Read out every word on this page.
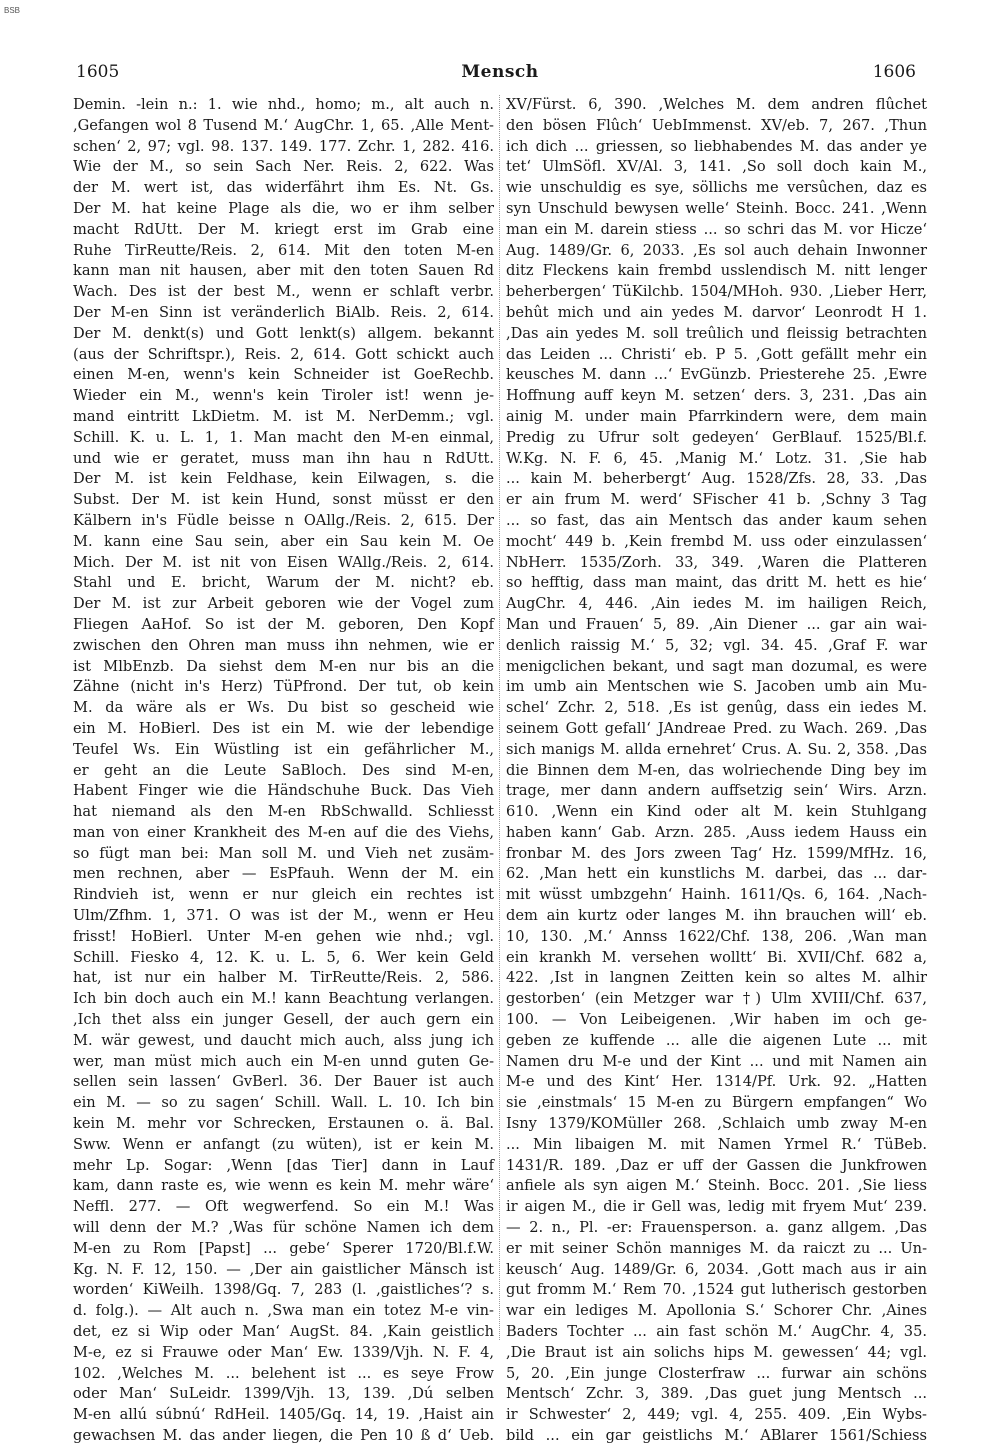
BSB
1605	Mensch	1606
Demin. -lein n.: 1. wie nhd., homo; m., alt auch n.
,Gefangen wol 8 Tusend M.‘ AugChr. 1, 65. ,Alle Ment-
schen‘ 2, 97; vgl. 98. 137. 149. 177. Zchr. 1, 282. 416.
Wie der M., so sein Sach Ner. Reis. 2, 622. Was
der M. wert ist, das widerfährt ihm Es. Nt. Gs.
Der M. hat keine Plage als die, wo er ihm selber
macht RdUtt. Der M. kriegt erst im Grab eine
Ruhe TirReutte/Reis. 2, 614. Mit den toten M-en
kann man nit hausen, aber mit den toten Sauen Rd
Wach. Des ist der best M., wenn er schlaft verbr.
Der M-en Sinn ist veränderlich BiAlb. Reis. 2, 614.
Der M. denkt(s) und Gott lenkt(s) allgem. bekannt
(aus der Schriftspr.), Reis. 2, 614. Gott schickt auch
einen M-en, wenn's kein Schneider ist GoeRechb.
Wieder ein M., wenn's kein Tiroler ist! wenn je-
mand eintritt LkDietm. M. ist M. NerDemm.; vgl.
Schill. K. u. L. 1, 1. Man macht den M-en einmal,
und wie er geratet, muss man ihn hau n RdUtt.
Der M. ist kein Feldhase, kein Eilwagen, s. die
Subst. Der M. ist kein Hund, sonst müsst er den
Kälbern in's Füdle beisse n OAllg./Reis. 2, 615. Der
M. kann eine Sau sein, aber ein Sau kein M. Oe
Mich. Der M. ist nit von Eisen WAllg./Reis. 2, 614.
Stahl und E. bricht, Warum der M. nicht? eb.
Der M. ist zur Arbeit geboren wie der Vogel zum
Fliegen AaHof. So ist der M. geboren, Den Kopf
zwischen den Ohren man muss ihn nehmen, wie er
ist MlbEnzb. Da siehst dem M-en nur bis an die
Zähne (nicht in's Herz) TüPfrond. Der tut, ob kein
M. da wäre als er Ws. Du bist so gescheid wie
ein M. HoBierl. Des ist ein M. wie der lebendige
Teufel Ws. Ein Wüstling ist ein gefährlicher M.,
er geht an die Leute SaBloch. Des sind M-en,
Habent Finger wie die Händschuhe Buck. Das Vieh
hat niemand als den M-en RbSchwalld. Schliesst
man von einer Krankheit des M-en auf die des Viehs,
so fügt man bei: Man soll M. und Vieh net zusäm-
men rechnen, aber — EsPfauh. Wenn der M. ein
Rindvieh ist, wenn er nur gleich ein rechtes ist
Ulm/Zfhm. 1, 371. O was ist der M., wenn er Heu
frisst! HoBierl. Unter M-en gehen wie nhd.; vgl.
Schill. Fiesko 4, 12. K. u. L. 5, 6. Wer kein Geld
hat, ist nur ein halber M. TirReutte/Reis. 2, 586.
Ich bin doch auch ein M.! kann Beachtung verlangen.
,Ich thet alss ein junger Gesell, der auch gern ein
M. wär gewest, und daucht mich auch, alss jung ich
wer, man müst mich auch ein M-en unnd guten Ge-
sellen sein lassen‘ GvBerl. 36. Der Bauer ist auch
ein M. — so zu sagen‘ Schill. Wall. L. 10. Ich bin
kein M. mehr vor Schrecken, Erstaunen o. ä. Bal.
Sww. Wenn er anfangt (zu wüten), ist er kein M.
mehr Lp. Sogar: ,Wenn [das Tier] dann in Lauf
kam, dann raste es, wie wenn es kein M. mehr wäre‘
Neffl. 277. — Oft wegwerfend. So ein M.! Was
will denn der M.? ,Was für schöne Namen ich dem
M-en zu Rom [Papst] ... gebe‘ Sperer 1720/Bl.f.W.
Kg. N. F. 12, 150. — ,Der ain gaistlicher Mänsch ist
worden‘ KiWeilh. 1398/Gq. 7, 283 (l. ,gaistliches‘? s.
d. folg.). — Alt auch n. ,Swa man ein totez M-e vin-
det, ez si Wip oder Man‘ AugSt. 84. ,Kain geistlich
M-e, ez si Frauwe oder Man‘ Ew. 1339/Vjh. N. F. 4,
102. ,Welches M. ... belehent ist ... es seye Frow
oder Man‘ SuLeidr. 1399/Vjh. 13, 139. ,Dú selben
M-en allú súbnú‘ RdHeil. 1405/Gq. 14, 19. ,Haist ain
gewachsen M. das ander liegen, die Pen 10 ß d‘ Ueb.
XV/Fürst. 6, 390. ,Welches M. dem andren flûchet
den bösen Flûch‘ UebImmenst. XV/eb. 7, 267. ,Thun
ich dich ... griessen, so liebhabendes M. das ander ye
tet‘ UlmSöfl. XV/Al. 3, 141. ,So soll doch kain M.,
wie unschuldig es sye, söllichs me versûchen, daz es
syn Unschuld bewysen welle‘ Steinh. Bocc. 241. ,Wenn
man ein M. darein stiess ... so schri das M. vor Hicze‘
Aug. 1489/Gr. 6, 2033. ,Es sol auch dehain Inwonner
ditz Fleckens kain frembd usslendisch M. nitt lenger
beherbergen‘ TüKilchb. 1504/MHoh. 930. ,Lieber Herr,
behût mich und ain yedes M. darvor‘ Leonrodt H 1.
,Das ain yedes M. soll treûlich und fleissig betrachten
das Leiden ... Christi‘ eb. P 5. ,Gott gefällt mehr ein
keusches M. dann ...‘ EvGünzb. Priesterehe 25. ,Ewre
Hoffnung auff keyn M. setzen‘ ders. 3, 231. ,Das ain
ainig M. under main Pfarrkindern were, dem main
Predig zu Ufrur solt gedeyen‘ GerBlauf. 1525/Bl.f.
W.Kg. N. F. 6, 45. ,Manig M.‘ Lotz. 31. ,Sie hab
... kain M. beherbergt‘ Aug. 1528/Zfs. 28, 33. ,Das
er ain frum M. werd‘ SFischer 41 b. ,Schny 3 Tag
... so fast, das ain Mentsch das ander kaum sehen
mocht‘ 449 b. ,Kein frembd M. uss oder einzulassen‘
NbHerr. 1535/Zorh. 33, 349. ,Waren die Platteren
so hefftig, dass man maint, das dritt M. hett es hie‘
AugChr. 4, 446. ,Ain iedes M. im hailigen Reich,
Man und Frauen‘ 5, 89. ,Ain Diener ... gar ain wai-
denlich raissig M.‘ 5, 32; vgl. 34. 45. ,Graf F. war
menigclichen bekant, und sagt man dozumal, es were
im umb ain Mentschen wie S. Jacoben umb ain Mu-
schel‘ Zchr. 2, 518. ,Es ist genûg, dass ein iedes M.
seinem Gott gefall‘ JAndreae Pred. zu Wach. 269. ,Das
sich manigs M. allda ernehret‘ Crus. A. Su. 2, 358. ,Das
die Binnen dem M-en, das wolriechende Ding bey im
trage, mer dann andern auffsetzig sein‘ Wirs. Arzn.
610. ,Wenn ein Kind oder alt M. kein Stuhlgang
haben kann‘ Gab. Arzn. 285. ,Auss iedem Hauss ein
fronbar M. des Jors zween Tag‘ Hz. 1599/MfHz. 16,
62. ,Man hett ein kunstlichs M. darbei, das ... dar-
mit wüsst umbzgehn‘ Hainh. 1611/Qs. 6, 164. ,Nach-
dem ain kurtz oder langes M. ihn brauchen will‘ eb.
10, 130. ,M.‘ Annss 1622/Chf. 138, 206. ,Wan man
ein krankh M. versehen wolltt‘ Bi. XVII/Chf. 682 a,
422. ,Ist in langnen Zeitten kein so altes M. alhir
gestorben‘ (ein Metzger war †) Ulm XVIII/Chf. 637,
100. — Von Leibeigenen. ,Wir haben im och ge-
geben ze kuffende ... alle die aigenen Lute ... mit
Namen dru M-e und der Kint ... und mit Namen ain
M-e und des Kint‘ Her. 1314/Pf. Urk. 92. „Hatten
sie ,einstmals‘ 15 M-en zu Bürgern empfangen“ Wo
Isny 1379/KOMüller 268. ,Schlaich umb zway M-en
... Min libaigen M. mit Namen Yrmel R.‘ TüBeb.
1431/R. 189. ,Daz er uff der Gassen die Junkfrowen
anfiele als syn aigen M.‘ Steinh. Bocc. 201. ,Sie liess
ir aigen M., die ir Gell was, ledig mit fryem Mut‘ 239.
— 2. n., Pl. -er: Frauensperson. a. ganz allgem. ,Das
er mit seiner Schön manniges M. da raiczt zu ... Un-
keusch‘ Aug. 1489/Gr. 6, 2034. ,Gott mach aus ir ain
gut fromm M.‘ Rem 70. ,1524 gut lutherisch gestorben
war ein lediges M. Apollonia S.‘ Schorer Chr. ,Aines
Baders Tochter ... ain fast schön M.‘ AugChr. 4, 35.
,Die Braut ist ain solichs hips M. gewessen‘ 44; vgl.
5, 20. ,Ein junge Closterfraw ... furwar ain schöns
Mentsch‘ Zchr. 3, 389. ,Das guet jung Mentsch ...
ir Schwester‘ 2, 449; vgl. 4, 255. 409. ,Ein Wybs-
bild ... ein gar geistlichs M.‘ ABlarer 1561/Schiess
